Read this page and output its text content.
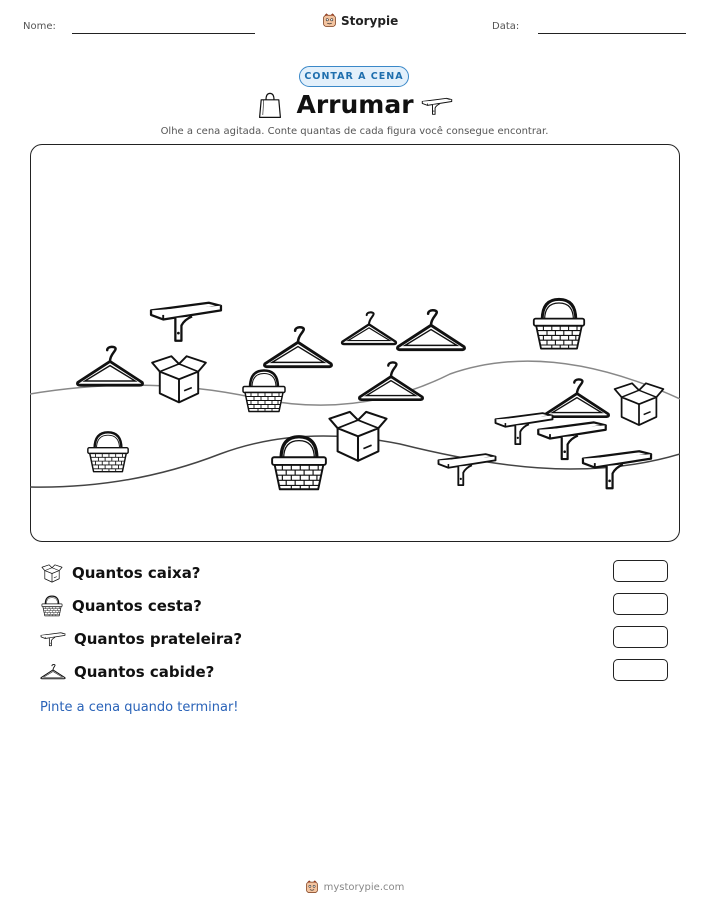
Nome:	Storypie	Data:
CONTAR A CENA
Arrumar
Olhe a cena agitada. Conte quantas de cada figura você consegue encontrar.
Quantos caixa?
Quantos cesta?
Quantos prateleira?
Quantos cabide?
Pinte a cena quando terminar!
mystorypie.com
